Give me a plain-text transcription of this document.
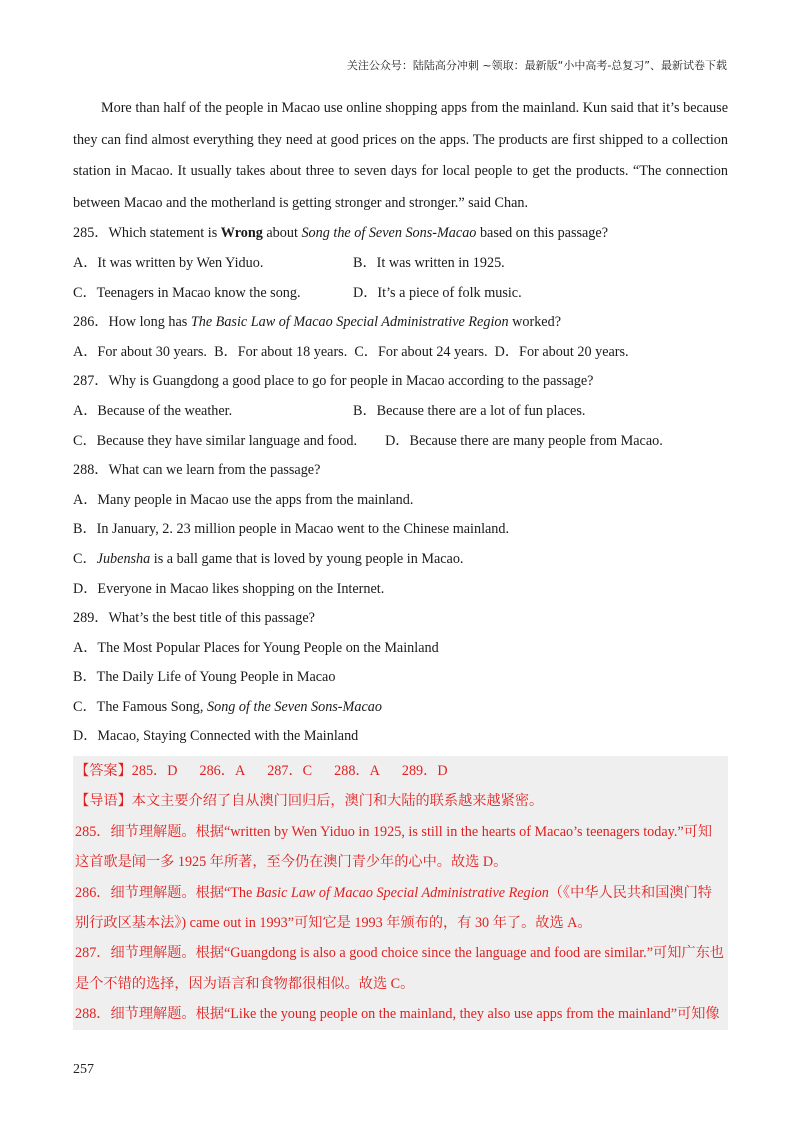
关注公众号：陆陆高分冲刺 ~领取：最新版“小中高考-总复习”、最新试卷下载

More than half of the people in Macao use online shopping apps from the mainland. Kun said that it’s because they can find almost everything they need at good prices on the apps. The products are first shipped to a collection station in Macao. It usually takes about three to seven days for local people to get the products. “The connection between Macao and the motherland is getting stronger and stronger.” said Chan.

285．Which statement is Wrong about Song the of Seven Sons-Macao based on this passage?
A．It was written by Wen Yiduo.	B．It was written in 1925.
C．Teenagers in Macao know the song.	D．It’s a piece of folk music.
286．How long has The Basic Law of Macao Special Administrative Region worked?
A．For about 30 years.  B．For about 18 years.  C．For about 24 years.  D．For about 20 years.
287．Why is Guangdong a good place to go for people in Macao according to the passage?
A．Because of the weather.	B．Because there are a lot of fun places.
C．Because they have similar language and food. D．Because there are many people from Macao.
288．What can we learn from the passage?
A．Many people in Macao use the apps from the mainland.
B．In January, 2. 23 million people in Macao went to the Chinese mainland.
C．Jubensha is a ball game that is loved by young people in Macao.
D．Everyone in Macao likes shopping on the Internet.
289．What’s the best title of this passage?
A．The Most Popular Places for Young People on the Mainland
B．The Daily Life of Young People in Macao
C．The Famous Song, Song of the Seven Sons-Macao
D．Macao, Staying Connected with the Mainland
【答案】285．D 286．A 287．C 288．A 289．D
【导语】本文主要介绍了自从澳门回归后，澳门和大陆的联系越来越紧密。
285．细节理解题。根据“written by Wen Yiduo in 1925, is still in the hearts of Macao’s teenagers today.”可知
这首歌是闻一多 1925 年所著，至今仍在澳门青少年的心中。故选 D。
286．细节理解题。根据“The Basic Law of Macao Special Administrative Region（《中华人民共和国澳门特
别行政区基本法》) came out in 1993”可知它是 1993 年颁布的，有 30 年了。故选 A。
287．细节理解题。根据“Guangdong is also a good choice since the language and food are similar.”可知广东也
是个不错的选择，因为语言和食物都很相似。故选 C。
288．细节理解题。根据“Like the young people on the mainland, they also use apps from the mainland”可知像
257
